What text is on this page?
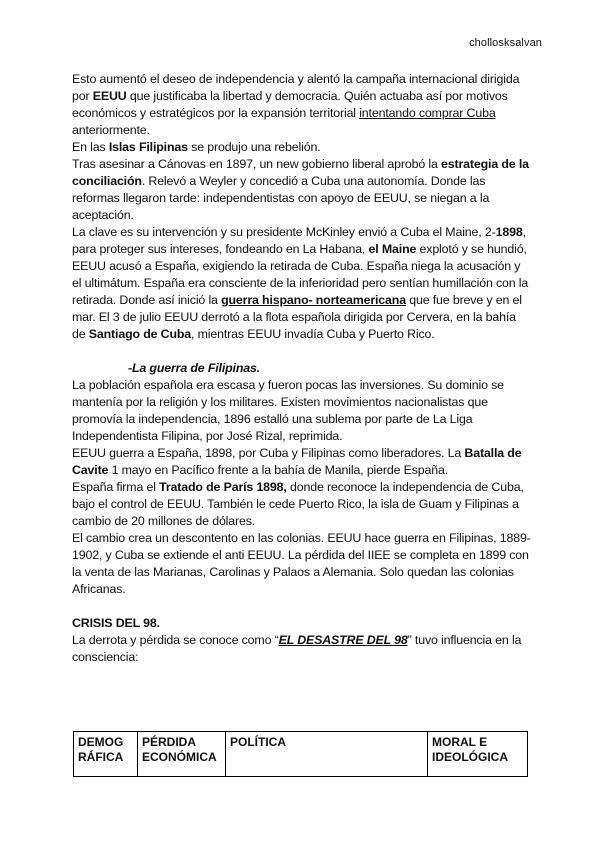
chollosksalvan

Esto aumentó el deseo de independencia y alentó la campaña internacional dirigida por EEUU que justificaba la libertad y democracia. Quién actuaba así por motivos económicos y estratégicos por la expansión territorial intentando comprar Cuba anteriormente.

En las Islas Filipinas se produjo una rebelión.

Tras asesinar a Cánovas en 1897, un new gobierno liberal aprobó la estrategia de la conciliación. Relevó a Weyler y concedió a Cuba una autonomía. Donde las reformas llegaron tarde: independentistas con apoyo de EEUU, se niegan a la aceptación.

La clave es su intervención y su presidente McKinley envió a Cuba el Maine, 2-1898, para proteger sus intereses, fondeando en La Habana, el Maine explotó y se hundió, EEUU acusó a España, exigiendo la retirada de Cuba. España niega la acusación y el ultimátum. España era consciente de la inferioridad pero sentían humillación con la retirada. Donde así inició la guerra hispano- norteamericana que fue breve y en el mar. El 3 de julio EEUU derrotó a la flota española dirigida por Cervera, en la bahía de Santiago de Cuba, mientras EEUU invadía Cuba y Puerto Rico.

-La guerra de Filipinas.

La población española era escasa y fueron pocas las inversiones. Su dominio se mantenía por la religión y los militares. Existen movimientos nacionalistas que promovía la independencia, 1896 estalló una sublema por parte de La Liga Independentista Filipina, por José Rizal, reprimida.

EEUU guerra a España, 1898, por Cuba y Filipinas como liberadores. La Batalla de Cavite 1 mayo en Pacífico frente a la bahía de Manila, pierde España.

España firma el Tratado de París 1898, donde reconoce la independencia de Cuba, bajo el control de EEUU. También le cede Puerto Rico, la isla de Guam y Filipinas a cambio de 20 millones de dólares.

El cambio crea un descontento en las colonias. EEUU hace guerra en Filipinas, 1889-1902, y Cuba se extiende el anti EEUU. La pérdida del IIEE se completa en 1899 con la venta de las Marianas, Carolinas y Palaos a Alemania. Solo quedan las colonias Africanas.

CRISIS DEL 98.

La derrota y pérdida se conoce como “EL DESASTRE DEL 98” tuvo influencia en la consciencia:

DEMOG RÁFICA	PÉRDIDA ECONÓMICA	POLÍTICA	MORAL E IDEOLÓGICA
